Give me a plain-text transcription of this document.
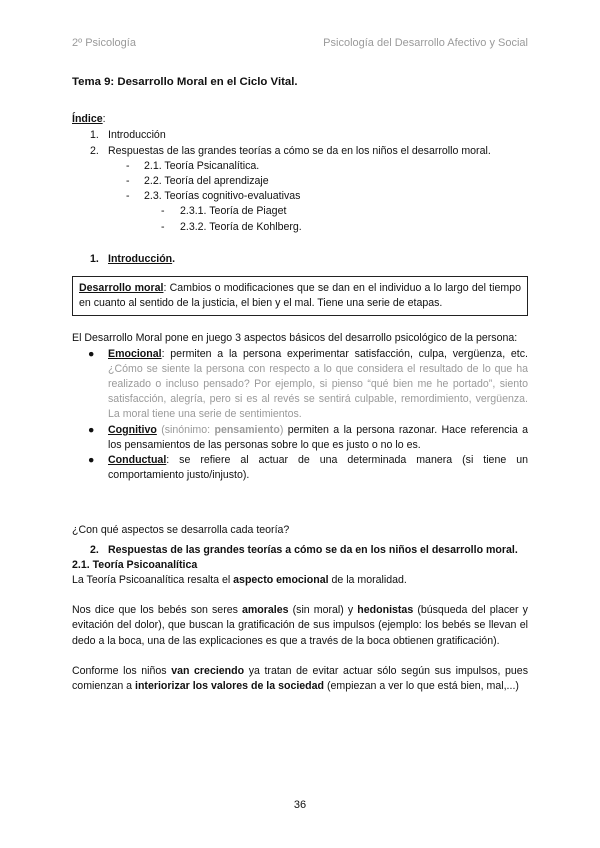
2º Psicología	Psicología del Desarrollo Afectivo y Social
Tema 9: Desarrollo Moral en el Ciclo Vital.
Índice:
1. Introducción
2. Respuestas de las grandes teorías a cómo se da en los niños el desarrollo moral.
- 2.1. Teoría Psicanalítica.
- 2.2. Teoría del aprendizaje
- 2.3. Teorías cognitivo-evaluativas
- 2.3.1. Teoría de Piaget
- 2.3.2. Teoría de Kohlberg.
1. Introducción.
Desarrollo moral: Cambios o modificaciones que se dan en el individuo a lo largo del tiempo en cuanto al sentido de la justicia, el bien y el mal. Tiene una serie de etapas.
El Desarrollo Moral pone en juego 3 aspectos básicos del desarrollo psicológico de la persona:
● Emocional: permiten a la persona experimentar satisfacción, culpa, vergüenza, etc. ¿Cómo se siente la persona con respecto a lo que considera el resultado de lo que ha realizado o incluso pensado? Por ejemplo, si pienso “qué bien me he portado”, siento satisfacción, alegría, pero si es al revés se sentirá culpable, remordimiento, vergüenza. La moral tiene una serie de sentimientos.
● Cognitivo (sinónimo: pensamiento) permiten a la persona razonar. Hace referencia a los pensamientos de las personas sobre lo que es justo o no lo es.
● Conductual: se refiere al actuar de una determinada manera (si tiene un comportamiento justo/injusto).
¿Con qué aspectos se desarrolla cada teoría?
2. Respuestas de las grandes teorías a cómo se da en los niños el desarrollo moral.
2.1. Teoría Psicoanalítica
La Teoría Psicoanalítica resalta el aspecto emocional de la moralidad.
Nos dice que los bebés son seres amorales (sin moral) y hedonistas (búsqueda del placer y evitación del dolor), que buscan la gratificación de sus impulsos (ejemplo: los bebés se llevan el dedo a la boca, una de las explicaciones es que a través de la boca obtienen gratificación).
Conforme los niños van creciendo ya tratan de evitar actuar sólo según sus impulsos, pues comienzan a interiorizar los valores de la sociedad (empiezan a ver lo que está bien, mal,...)
36
